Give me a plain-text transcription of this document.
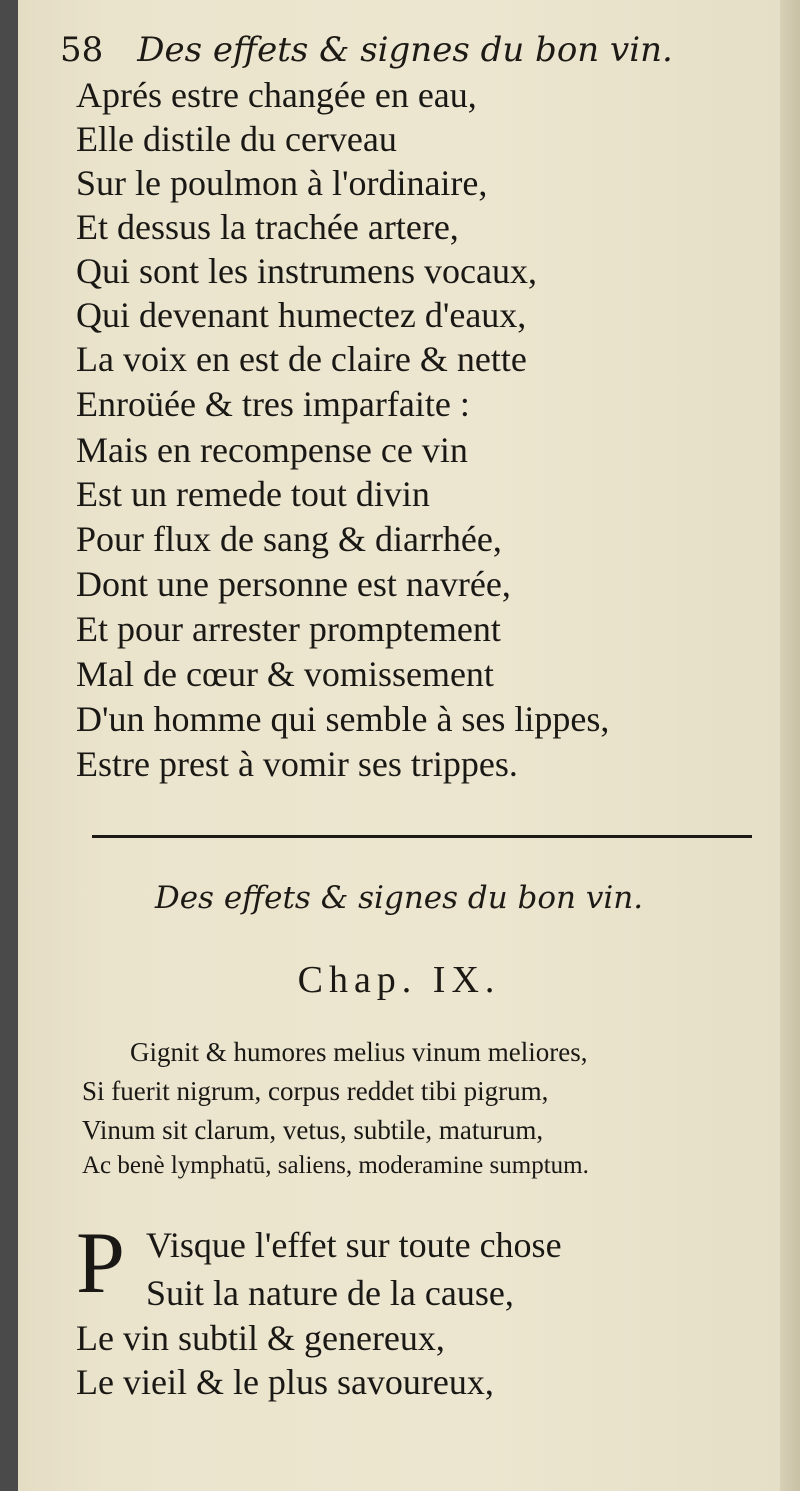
58 Des effets & signes du bon vin.
Aprés estre changée en eau,
Elle distile du cerveau
Sur le poulmon à l'ordinaire,
Et dessus la trachée artere,
Qui sont les instrumens vocaux,
Qui devenant humectez d'eaux,
La voix en est de claire & nette
Enroüée & tres imparfaite :
Mais en recompense ce vin
Est un remede tout divin
Pour flux de sang & diarrhée,
Dont une personne est navrée,
Et pour arrester promptement
Mal de cœur & vomissement
D'un homme qui semble à ses lippes,
Estre prest à vomir ses trippes.
Des effets & signes du bon vin.
Chap. IX.
Gignit & humores melius vinum meliores,
Si fuerit nigrum, corpus reddet tibi pigrum,
Vinum sit clarum, vetus, subtile, maturum,
Ac benè lymphatū, saliens, moderamine sumptum.
P Visque l'effet sur toute chose
Suit la nature de la cause,
Le vin subtil & genereux,
Le vieil & le plus savoureux,
